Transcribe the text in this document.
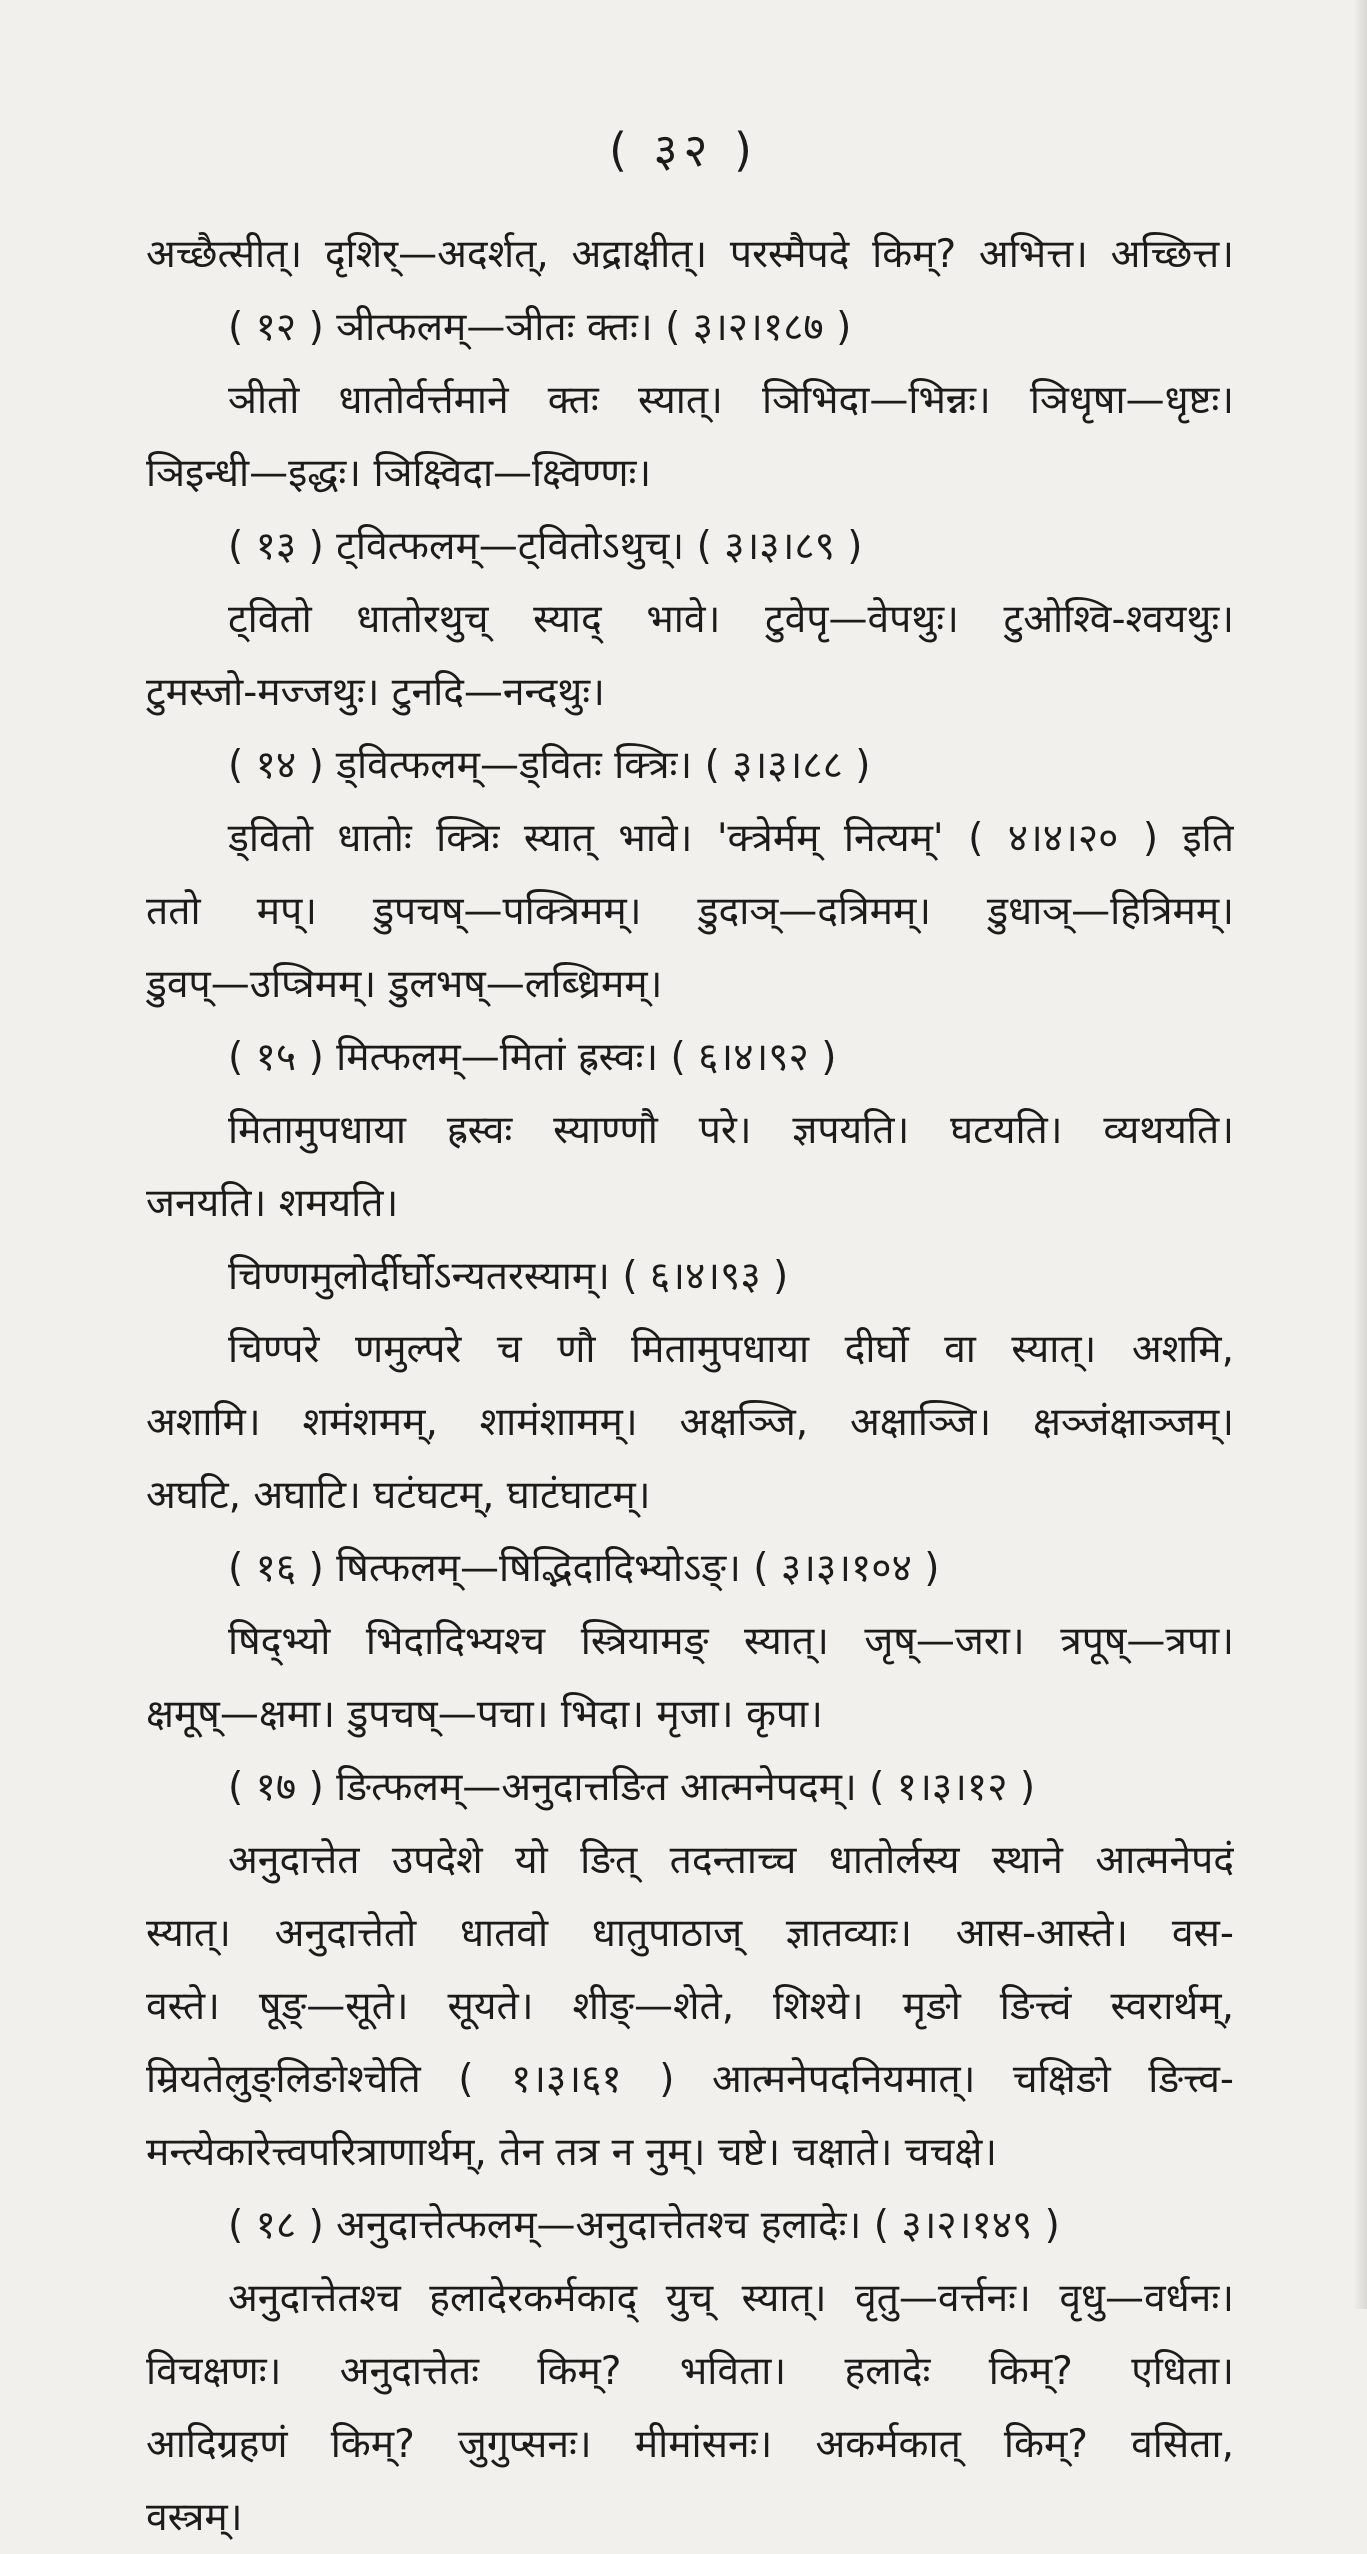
( ३२ )
अच्छैत्सीत्। दृशिर्—अदर्शत्, अद्राक्षीत्। परस्मैपदे किम्? अभित्त। अच्छित्त।
( १२ ) ञीत्फलम्—ञीतः क्तः। ( ३।२।१८७ )
ञीतो धातोर्वर्त्तमाने क्तः स्यात्। ञिभिदा—भिन्नः। ञिधृषा—धृष्टः।
ञिइन्धी—इद्धः। ञिक्ष्विदा—क्ष्विण्णः।
( १३ ) ट्वित्फलम्—ट्वितोऽथुच्। ( ३।३।८९ )
ट्वितो धातोरथुच् स्याद् भावे। टुवेपृ—वेपथुः। टुओश्वि-श्वयथुः।
टुमस्जो-मज्जथुः। टुनदि—नन्दथुः।
( १४ ) ड्वित्फलम्—ड्वितः क्त्रिः। ( ३।३।८८ )
ड्वितो धातोः क्त्रिः स्यात् भावे। 'क्त्रेर्मम् नित्यम्' ( ४।४।२० ) इति
ततो मप्। डुपचष्—पक्त्रिमम्। डुदाञ्—दत्रिमम्। डुधाञ्—हित्रिमम्।
डुवप्—उप्त्रिमम्। डुलभष्—लब्ध्रिमम्।
( १५ ) मित्फलम्—मितां ह्रस्वः। ( ६।४।९२ )
मितामुपधाया ह्रस्वः स्याण्णौ परे। ज्ञपयति। घटयति। व्यथयति।
जनयति। शमयति।
चिण्णमुलोर्दीर्घोऽन्यतरस्याम्। ( ६।४।९३ )
चिण्परे णमुल्परे च णौ मितामुपधाया दीर्घो वा स्यात्। अशमि,
अशामि। शमंशमम्, शामंशामम्। अक्षञ्जि, अक्षाञ्जि। क्षञ्जंक्षाञ्जम्।
अघटि, अघाटि। घटंघटम्, घाटंघाटम्।
( १६ ) षित्फलम्—षिद्भिदादिभ्योऽङ्। ( ३।३।१०४ )
षिद्भ्यो भिदादिभ्यश्च स्त्रियामङ् स्यात्। जृष्—जरा। त्रपूष्—त्रपा।
क्षमूष्—क्षमा। डुपचष्—पचा। भिदा। मृजा। कृपा।
( १७ ) ङित्फलम्—अनुदात्तङित आत्मनेपदम्। ( १।३।१२ )
अनुदात्तेत उपदेशे यो ङित् तदन्ताच्च धातोर्लस्य स्थाने आत्मनेपदं
स्यात्। अनुदात्तेतो धातवो धातुपाठाज् ज्ञातव्याः। आस-आस्ते। वस-
वस्ते। षूङ्—सूते। सूयते। शीङ्—शेते, शिश्ये। मृङो ङित्त्वं स्वरार्थम्,
म्रियतेलुङ्लिङोश्चेति ( १।३।६१ ) आत्मनेपदनियमात्। चक्षिङो ङित्त्व-
मन्त्येकारेत्त्वपरित्राणार्थम्, तेन तत्र न नुम्। चष्टे। चक्षाते। चचक्षे।
( १८ ) अनुदात्तेत्फलम्—अनुदात्तेतश्च हलादेः। ( ३।२।१४९ )
अनुदात्तेतश्च हलादेरकर्मकाद् युच् स्यात्। वृतु—वर्त्तनः। वृधु—वर्धनः।
विचक्षणः। अनुदात्तेतः किम्? भविता। हलादेः किम्? एधिता।
आदिग्रहणं किम्? जुगुप्सनः। मीमांसनः। अकर्मकात् किम्? वसिता,
वस्त्रम्।
